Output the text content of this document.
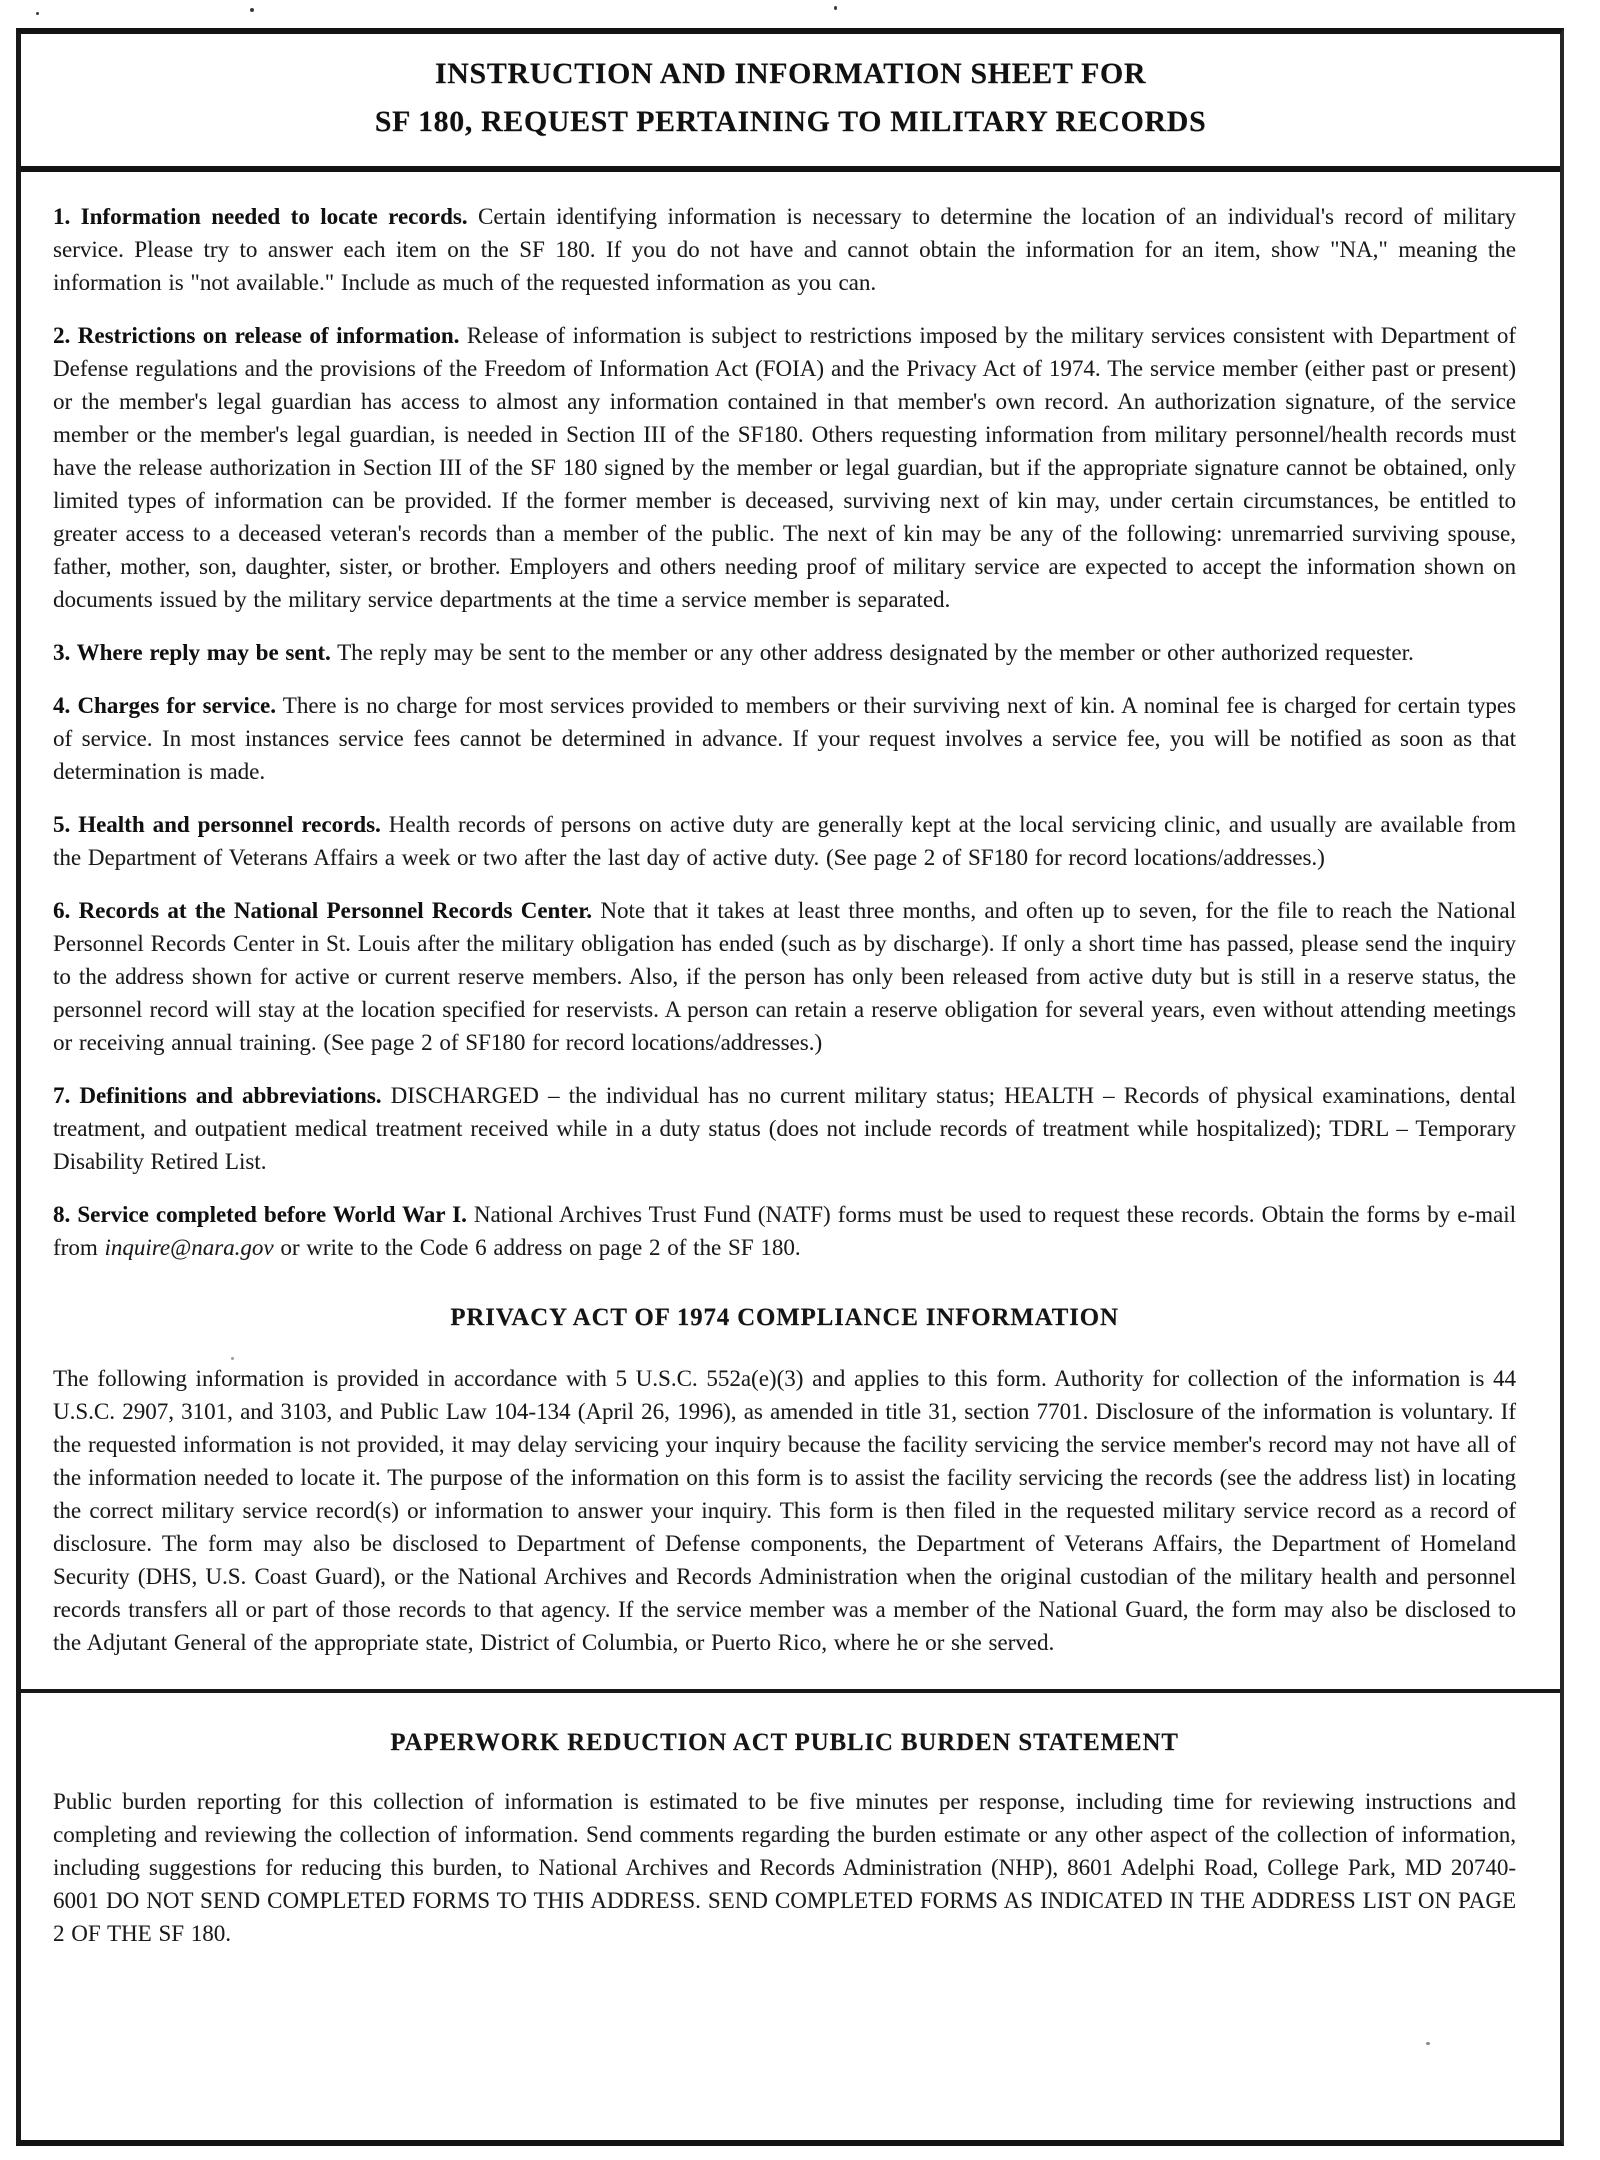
INSTRUCTION AND INFORMATION SHEET FOR
SF 180, REQUEST PERTAINING TO MILITARY RECORDS

1. Information needed to locate records. Certain identifying information is necessary to determine the location of an individual's record of military service. Please try to answer each item on the SF 180. If you do not have and cannot obtain the information for an item, show "NA," meaning the information is "not available." Include as much of the requested information as you can.

2. Restrictions on release of information. Release of information is subject to restrictions imposed by the military services consistent with Department of Defense regulations and the provisions of the Freedom of Information Act (FOIA) and the Privacy Act of 1974. The service member (either past or present) or the member's legal guardian has access to almost any information contained in that member's own record. An authorization signature, of the service member or the member's legal guardian, is needed in Section III of the SF180. Others requesting information from military personnel/health records must have the release authorization in Section III of the SF 180 signed by the member or legal guardian, but if the appropriate signature cannot be obtained, only limited types of information can be provided. If the former member is deceased, surviving next of kin may, under certain circumstances, be entitled to greater access to a deceased veteran's records than a member of the public. The next of kin may be any of the following: unremarried surviving spouse, father, mother, son, daughter, sister, or brother. Employers and others needing proof of military service are expected to accept the information shown on documents issued by the military service departments at the time a service member is separated.

3. Where reply may be sent. The reply may be sent to the member or any other address designated by the member or other authorized requester.

4. Charges for service. There is no charge for most services provided to members or their surviving next of kin. A nominal fee is charged for certain types of service. In most instances service fees cannot be determined in advance. If your request involves a service fee, you will be notified as soon as that determination is made.

5. Health and personnel records. Health records of persons on active duty are generally kept at the local servicing clinic, and usually are available from the Department of Veterans Affairs a week or two after the last day of active duty. (See page 2 of SF180 for record locations/addresses.)

6. Records at the National Personnel Records Center. Note that it takes at least three months, and often up to seven, for the file to reach the National Personnel Records Center in St. Louis after the military obligation has ended (such as by discharge). If only a short time has passed, please send the inquiry to the address shown for active or current reserve members. Also, if the person has only been released from active duty but is still in a reserve status, the personnel record will stay at the location specified for reservists. A person can retain a reserve obligation for several years, even without attending meetings or receiving annual training. (See page 2 of SF180 for record locations/addresses.)

7. Definitions and abbreviations. DISCHARGED – the individual has no current military status; HEALTH – Records of physical examinations, dental treatment, and outpatient medical treatment received while in a duty status (does not include records of treatment while hospitalized); TDRL – Temporary Disability Retired List.

8. Service completed before World War I. National Archives Trust Fund (NATF) forms must be used to request these records. Obtain the forms by e-mail from inquire@nara.gov or write to the Code 6 address on page 2 of the SF 180.

PRIVACY ACT OF 1974 COMPLIANCE INFORMATION

The following information is provided in accordance with 5 U.S.C. 552a(e)(3) and applies to this form. Authority for collection of the information is 44 U.S.C. 2907, 3101, and 3103, and Public Law 104-134 (April 26, 1996), as amended in title 31, section 7701. Disclosure of the information is voluntary. If the requested information is not provided, it may delay servicing your inquiry because the facility servicing the service member's record may not have all of the information needed to locate it. The purpose of the information on this form is to assist the facility servicing the records (see the address list) in locating the correct military service record(s) or information to answer your inquiry. This form is then filed in the requested military service record as a record of disclosure. The form may also be disclosed to Department of Defense components, the Department of Veterans Affairs, the Department of Homeland Security (DHS, U.S. Coast Guard), or the National Archives and Records Administration when the original custodian of the military health and personnel records transfers all or part of those records to that agency. If the service member was a member of the National Guard, the form may also be disclosed to the Adjutant General of the appropriate state, District of Columbia, or Puerto Rico, where he or she served.

PAPERWORK REDUCTION ACT PUBLIC BURDEN STATEMENT

Public burden reporting for this collection of information is estimated to be five minutes per response, including time for reviewing instructions and completing and reviewing the collection of information. Send comments regarding the burden estimate or any other aspect of the collection of information, including suggestions for reducing this burden, to National Archives and Records Administration (NHP), 8601 Adelphi Road, College Park, MD 20740-6001 DO NOT SEND COMPLETED FORMS TO THIS ADDRESS. SEND COMPLETED FORMS AS INDICATED IN THE ADDRESS LIST ON PAGE 2 OF THE SF 180.
